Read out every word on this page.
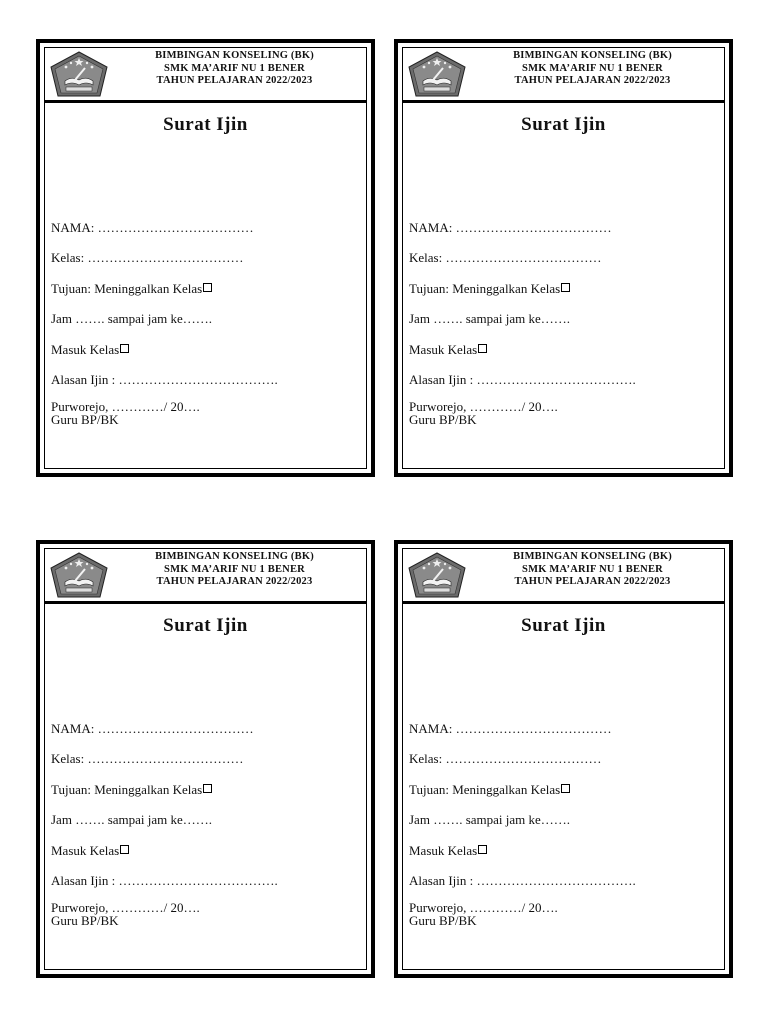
BIMBINGAN KONSELING (BK)
SMK MA’ARIF NU 1 BENER
TAHUN PELAJARAN 2022/2023
Surat Ijin
NAMA: ………………………………
Kelas: ………………………………
Tujuan: Meninggalkan Kelas
Jam ……. sampai jam ke…….
Masuk Kelas
Alasan Ijin : ……………………………….
Purworejo, …………/ 20….
Guru BP/BK
BIMBINGAN KONSELING (BK)
SMK MA’ARIF NU 1 BENER
TAHUN PELAJARAN 2022/2023
Surat Ijin
NAMA: ………………………………
Kelas: ………………………………
Tujuan: Meninggalkan Kelas
Jam ……. sampai jam ke…….
Masuk Kelas
Alasan Ijin : ……………………………….
Purworejo, …………/ 20….
Guru BP/BK
BIMBINGAN KONSELING (BK)
SMK MA’ARIF NU 1 BENER
TAHUN PELAJARAN 2022/2023
Surat Ijin
NAMA: ………………………………
Kelas: ………………………………
Tujuan: Meninggalkan Kelas
Jam ……. sampai jam ke…….
Masuk Kelas
Alasan Ijin : ……………………………….
Purworejo, …………/ 20….
Guru BP/BK
BIMBINGAN KONSELING (BK)
SMK MA’ARIF NU 1 BENER
TAHUN PELAJARAN 2022/2023
Surat Ijin
NAMA: ………………………………
Kelas: ………………………………
Tujuan: Meninggalkan Kelas
Jam ……. sampai jam ke…….
Masuk Kelas
Alasan Ijin : ……………………………….
Purworejo, …………/ 20….
Guru BP/BK
